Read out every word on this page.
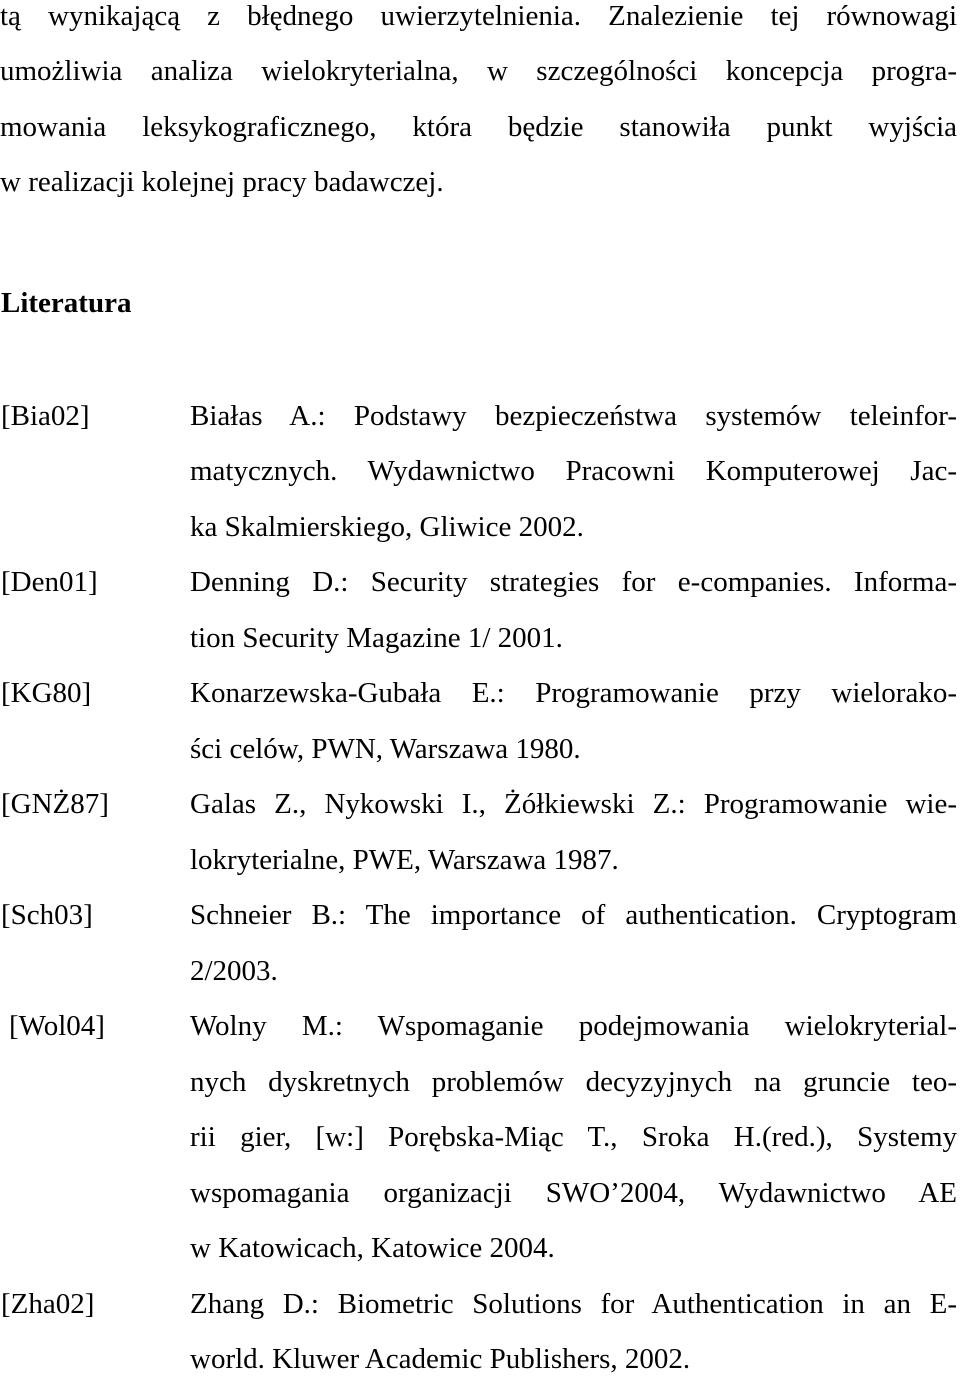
tą wynikającą z błędnego uwierzytelnienia. Znalezienie tej równowagi
umożliwia analiza wielokryterialna, w szczególności koncepcja progra-
mowania leksykograficznego, która będzie stanowiła punkt wyjścia
w realizacji kolejnej pracy badawczej.
Literatura
[Bia02]	Białas A.: Podstawy bezpieczeństwa systemów teleinfor-
matycznych. Wydawnictwo Pracowni Komputerowej Jac-
ka Skalmierskiego, Gliwice 2002.
[Den01]	Denning D.: Security strategies for e-companies. Informa-
tion Security Magazine 1/ 2001.
[KG80]	Konarzewska-Gubała E.: Programowanie przy wielorako-
ści celów, PWN, Warszawa 1980.
[GNŻ87]	Galas Z., Nykowski I., Żółkiewski Z.: Programowanie wie-
lokryterialne, PWE, Warszawa 1987.
[Sch03]	Schneier B.: The importance of authentication. Cryptogram
2/2003.
[Wol04]	Wolny M.: Wspomaganie podejmowania wielokryterial-
nych dyskretnych problemów decyzyjnych na gruncie teo-
rii gier, [w:] Porębska-Miąc T., Sroka H.(red.), Systemy
wspomagania organizacji SWO’2004, Wydawnictwo AE
w Katowicach, Katowice 2004.
[Zha02]	Zhang D.: Biometric Solutions for Authentication in an E-
world. Kluwer Academic Publishers, 2002.
